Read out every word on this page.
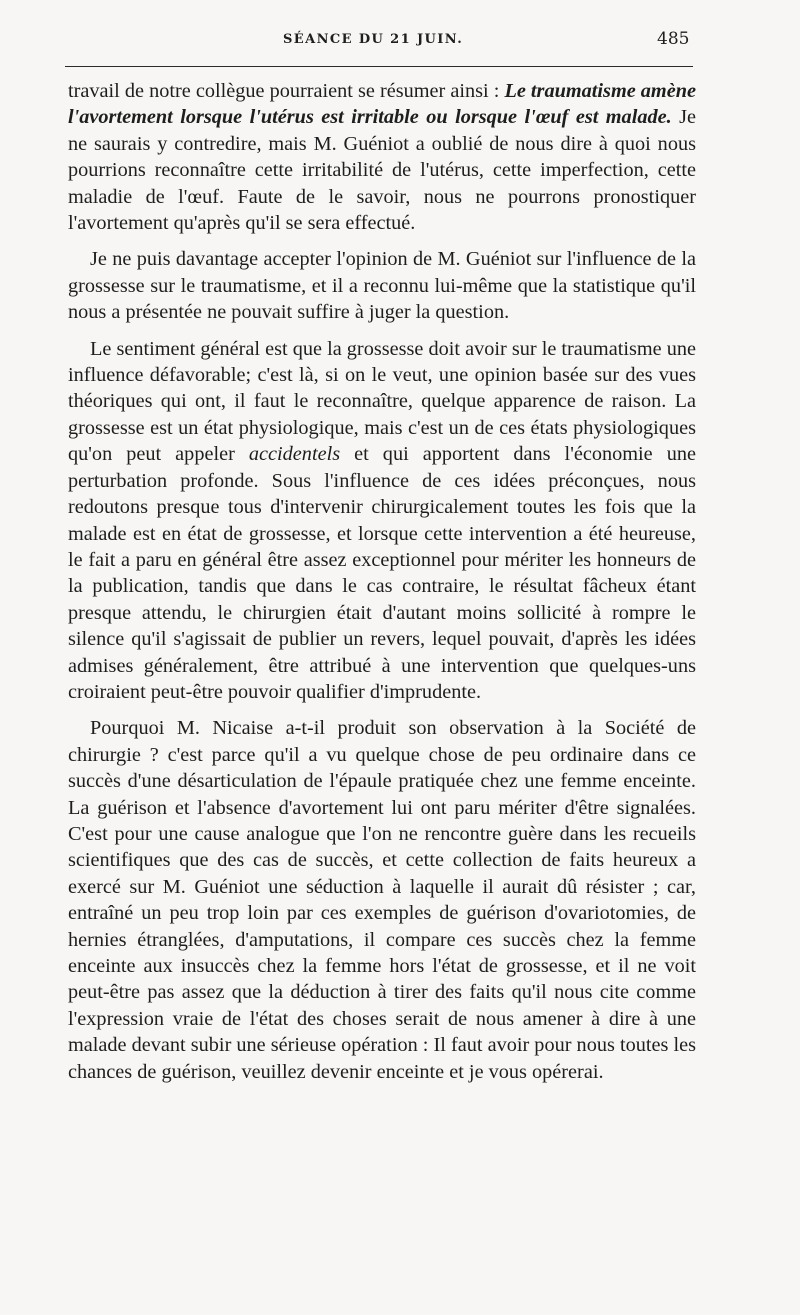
SÉANCE DU 21 JUIN.	485

travail de notre collègue pourraient se résumer ainsi : Le traumatisme amène l'avortement lorsque l'utérus est irritable ou lorsque l'œuf est malade. Je ne saurais y contredire, mais M. Guéniot a oublié de nous dire à quoi nous pourrions reconnaître cette irritabilité de l'utérus, cette imperfection, cette maladie de l'œuf. Faute de le savoir, nous ne pourrons pronostiquer l'avortement qu'après qu'il se sera effectué.

Je ne puis davantage accepter l'opinion de M. Guéniot sur l'influence de la grossesse sur le traumatisme, et il a reconnu lui-même que la statistique qu'il nous a présentée ne pouvait suffire à juger la question.

Le sentiment général est que la grossesse doit avoir sur le traumatisme une influence défavorable; c'est là, si on le veut, une opinion basée sur des vues théoriques qui ont, il faut le reconnaître, quelque apparence de raison. La grossesse est un état physiologique, mais c'est un de ces états physiologiques qu'on peut appeler accidentels et qui apportent dans l'économie une perturbation profonde. Sous l'influence de ces idées préconçues, nous redoutons presque tous d'intervenir chirurgicalement toutes les fois que la malade est en état de grossesse, et lorsque cette intervention a été heureuse, le fait a paru en général être assez exceptionnel pour mériter les honneurs de la publication, tandis que dans le cas contraire, le résultat fâcheux étant presque attendu, le chirurgien était d'autant moins sollicité à rompre le silence qu'il s'agissait de publier un revers, lequel pouvait, d'après les idées admises généralement, être attribué à une intervention que quelques-uns croiraient peut-être pouvoir qualifier d'imprudente.

Pourquoi M. Nicaise a-t-il produit son observation à la Société de chirurgie ? c'est parce qu'il a vu quelque chose de peu ordinaire dans ce succès d'une désarticulation de l'épaule pratiquée chez une femme enceinte. La guérison et l'absence d'avortement lui ont paru mériter d'être signalées. C'est pour une cause analogue que l'on ne rencontre guère dans les recueils scientifiques que des cas de succès, et cette collection de faits heureux a exercé sur M. Guéniot une séduction à laquelle il aurait dû résister ; car, entraîné un peu trop loin par ces exemples de guérison d'ovariotomies, de hernies étranglées, d'amputations, il compare ces succès chez la femme enceinte aux insuccès chez la femme hors l'état de grossesse, et il ne voit peut-être pas assez que la déduction à tirer des faits qu'il nous cite comme l'expression vraie de l'état des choses serait de nous amener à dire à une malade devant subir une sérieuse opération : Il faut avoir pour nous toutes les chances de guérison, veuillez devenir enceinte et je vous opérerai.
